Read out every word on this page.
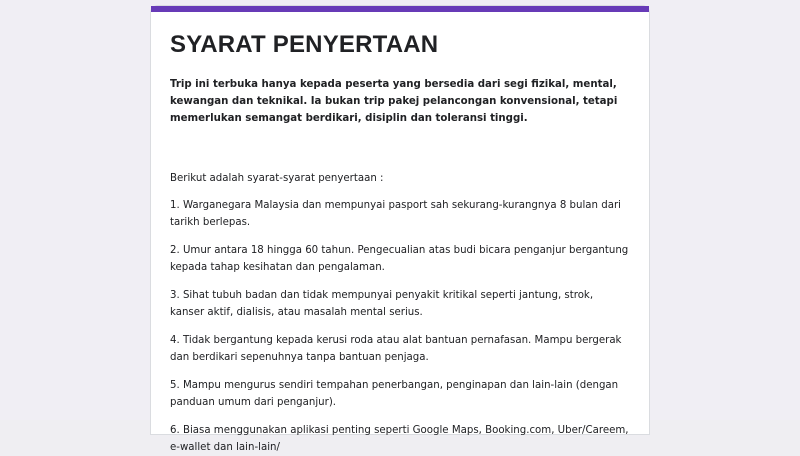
SYARAT PENYERTAAN

Trip ini terbuka hanya kepada peserta yang bersedia dari segi fizikal, mental, kewangan dan teknikal. Ia bukan trip pakej pelancongan konvensional, tetapi memerlukan semangat berdikari, disiplin dan toleransi tinggi.

Berikut adalah syarat-syarat penyertaan :

1. Warganegara Malaysia dan mempunyai pasport sah sekurang-kurangnya 8 bulan dari tarikh berlepas.
2. Umur antara 18 hingga 60 tahun. Pengecualian atas budi bicara penganjur bergantung kepada tahap kesihatan dan pengalaman.
3. Sihat tubuh badan dan tidak mempunyai penyakit kritikal seperti jantung, strok, kanser aktif, dialisis, atau masalah mental serius.
4. Tidak bergantung kepada kerusi roda atau alat bantuan pernafasan. Mampu bergerak dan berdikari sepenuhnya tanpa bantuan penjaga.
5. Mampu mengurus sendiri tempahan penerbangan, penginapan dan lain-lain (dengan panduan umum dari penganjur).
6. Biasa menggunakan aplikasi penting seperti Google Maps, Booking.com, Uber/Careem, e-wallet dan lain-lain/
